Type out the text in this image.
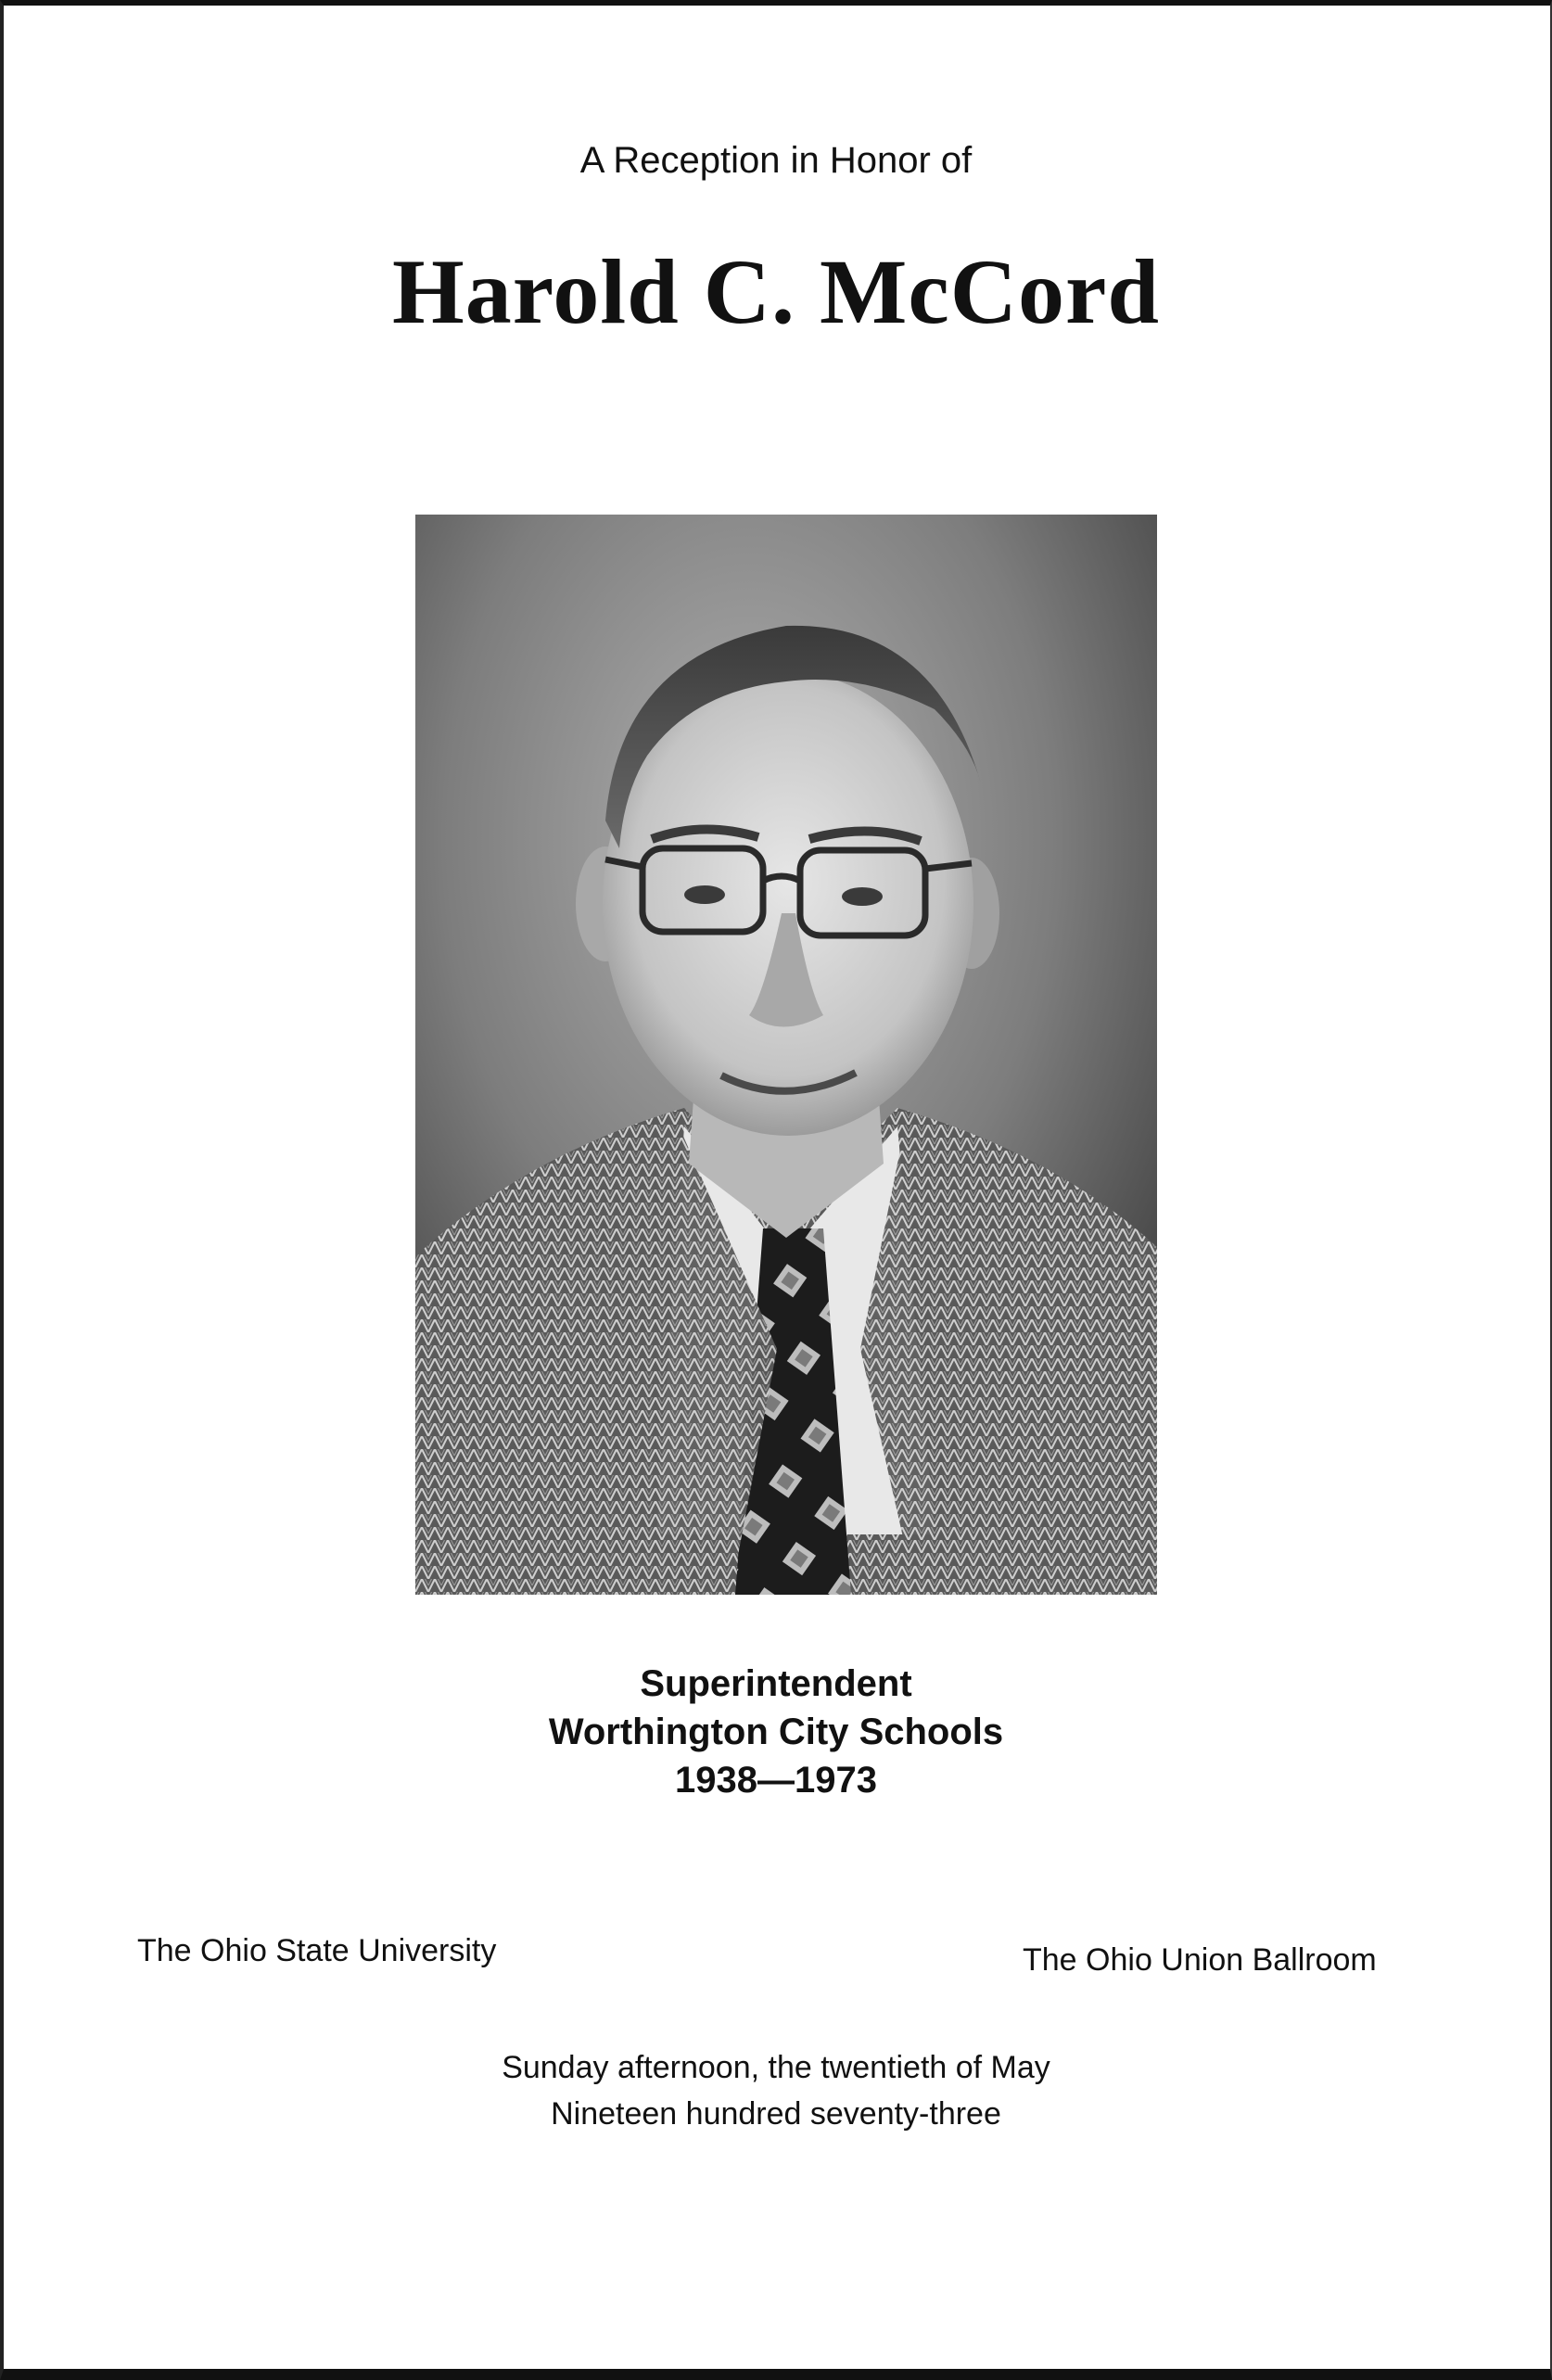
A Reception in Honor of
Harold C. McCord
Superintendent
Worthington City Schools
1938—1973
The Ohio State University	The Ohio Union Ballroom
Sunday afternoon, the twentieth of May
Nineteen hundred seventy-three
